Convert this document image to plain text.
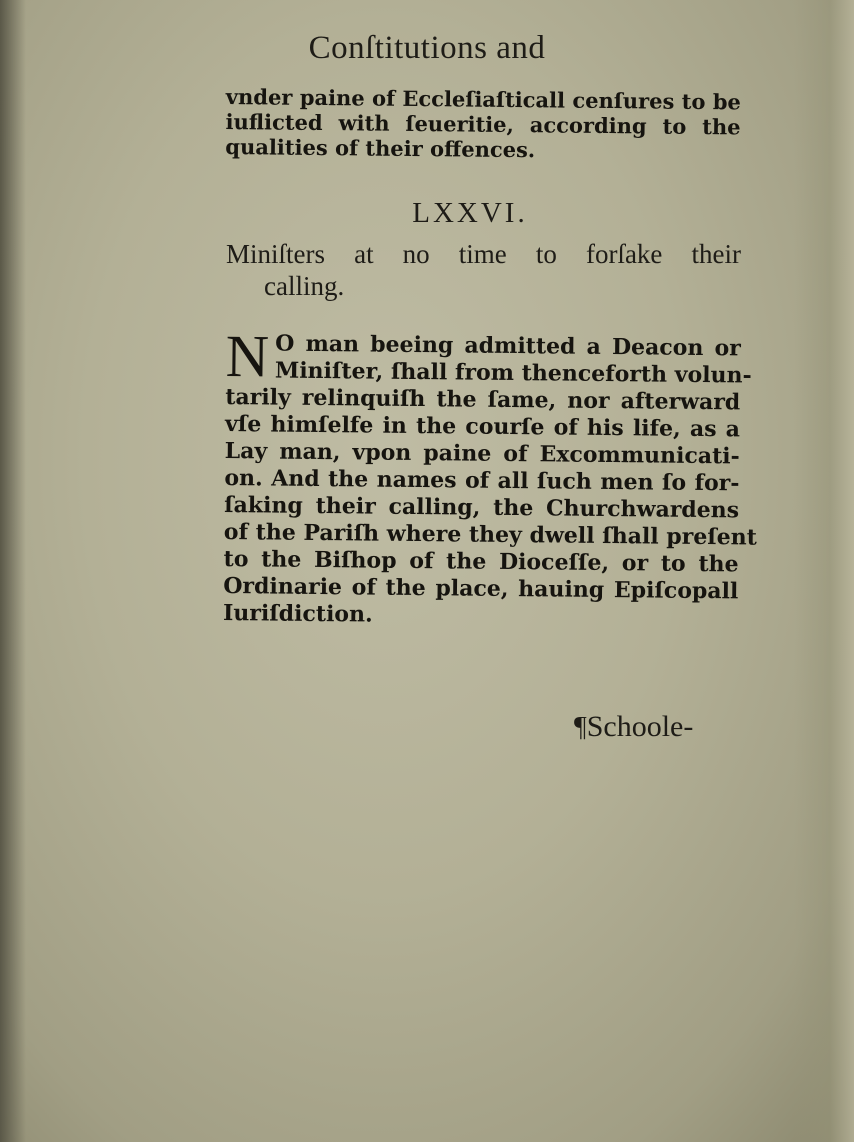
Conſtitutions and
vnder paine of Eccleſiaſticall cenſures to be
iuflicted with ſeueritie, according to the
qualities of their offences.
LXXVI.
Miniſters at no time to forſake their
calling.
N O man beeing admitted a Deacon or
Miniſter, ſhall from thenceforth volun-
tarily relinquiſh the ſame, nor afterward
vſe himſelfe in the courſe of his life, as a
Lay man, vpon paine of Excommunicati-
on. And the names of all ſuch men ſo for-
ſaking their calling, the Churchwardens
of the Pariſh where they dwell ſhall preſent
to the Biſhop of the Dioceſſe, or to the
Ordinarie of the place, hauing Epiſcopall
Iuriſdiction.
¶Schoole-
